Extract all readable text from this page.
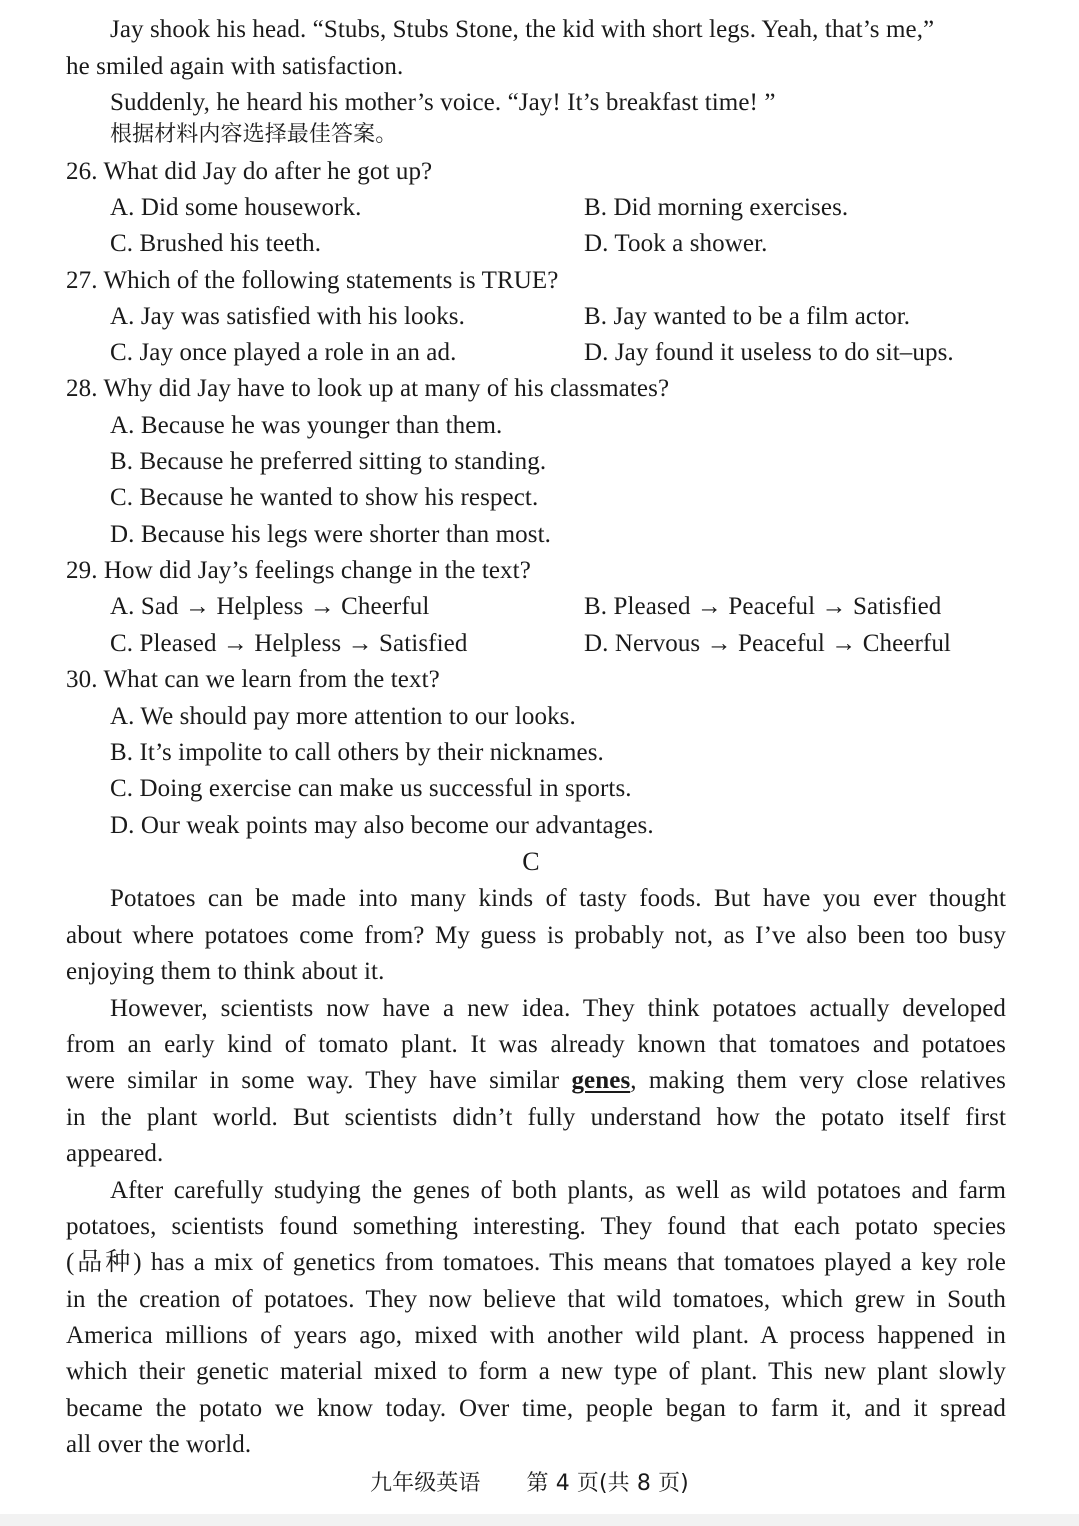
Jay shook his head. “Stubs, Stubs Stone, the kid with short legs. Yeah, that’s me,”
he smiled again with satisfaction.
Suddenly, he heard his mother’s voice. “Jay! It’s breakfast time! ”
根据材料内容选择最佳答案。
26. What did Jay do after he got up?
A. Did some housework.	B. Did morning exercises.
C. Brushed his teeth.	D. Took a shower.
27. Which of the following statements is TRUE?
A. Jay was satisfied with his looks.	B. Jay wanted to be a film actor.
C. Jay once played a role in an ad.	D. Jay found it useless to do sit–ups.
28. Why did Jay have to look up at many of his classmates?
A. Because he was younger than them.
B. Because he preferred sitting to standing.
C. Because he wanted to show his respect.
D. Because his legs were shorter than most.
29. How did Jay’s feelings change in the text?
A. Sad → Helpless → Cheerful	B. Pleased → Peaceful → Satisfied
C. Pleased → Helpless → Satisfied	D. Nervous → Peaceful → Cheerful
30. What can we learn from the text?
A. We should pay more attention to our looks.
B. It’s impolite to call others by their nicknames.
C. Doing exercise can make us successful in sports.
D. Our weak points may also become our advantages.
C
Potatoes can be made into many kinds of tasty foods. But have you ever thought
about where potatoes come from? My guess is probably not, as I’ve also been too busy
enjoying them to think about it.
However, scientists now have a new idea. They think potatoes actually developed
from an early kind of tomato plant. It was already known that tomatoes and potatoes
were similar in some way. They have similar genes, making them very close relatives
in the plant world. But scientists didn’t fully understand how the potato itself first
appeared.
After carefully studying the genes of both plants, as well as wild potatoes and farm
potatoes, scientists found something interesting. They found that each potato species
(品种) has a mix of genetics from tomatoes. This means that tomatoes played a key role
in the creation of potatoes. They now believe that wild tomatoes, which grew in South
America millions of years ago, mixed with another wild plant. A process happened in
which their genetic material mixed to form a new type of plant. This new plant slowly
became the potato we know today. Over time, people began to farm it, and it spread
all over the world.
九年级英语 第 4 页(共 8 页)
